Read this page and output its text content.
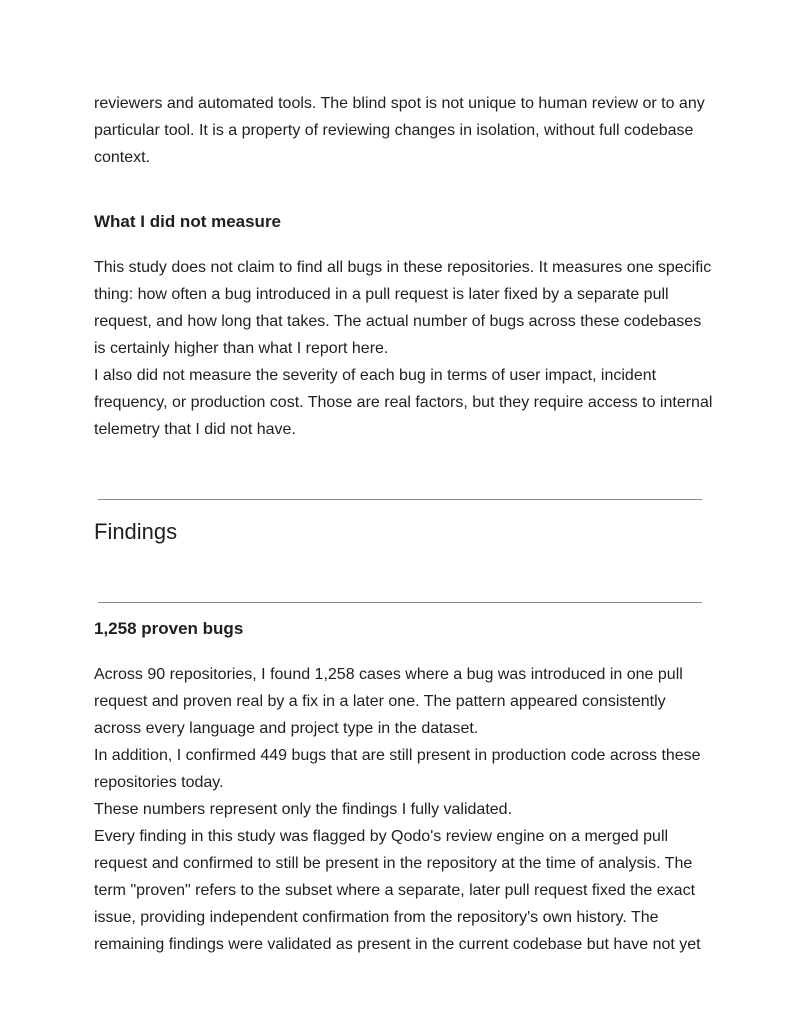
reviewers and automated tools. The blind spot is not unique to human review or to any particular tool. It is a property of reviewing changes in isolation, without full codebase context.

What I did not measure

This study does not claim to find all bugs in these repositories. It measures one specific thing: how often a bug introduced in a pull request is later fixed by a separate pull request, and how long that takes. The actual number of bugs across these codebases is certainly higher than what I report here.

I also did not measure the severity of each bug in terms of user impact, incident frequency, or production cost. Those are real factors, but they require access to internal telemetry that I did not have.

Findings
1,258 proven bugs

Across 90 repositories, I found 1,258 cases where a bug was introduced in one pull request and proven real by a fix in a later one. The pattern appeared consistently across every language and project type in the dataset.

In addition, I confirmed 449 bugs that are still present in production code across these repositories today.

These numbers represent only the findings I fully validated.

Every finding in this study was flagged by Qodo's review engine on a merged pull request and confirmed to still be present in the repository at the time of analysis. The term "proven" refers to the subset where a separate, later pull request fixed the exact issue, providing independent confirmation from the repository's own history. The remaining findings were validated as present in the current codebase but have not yet
